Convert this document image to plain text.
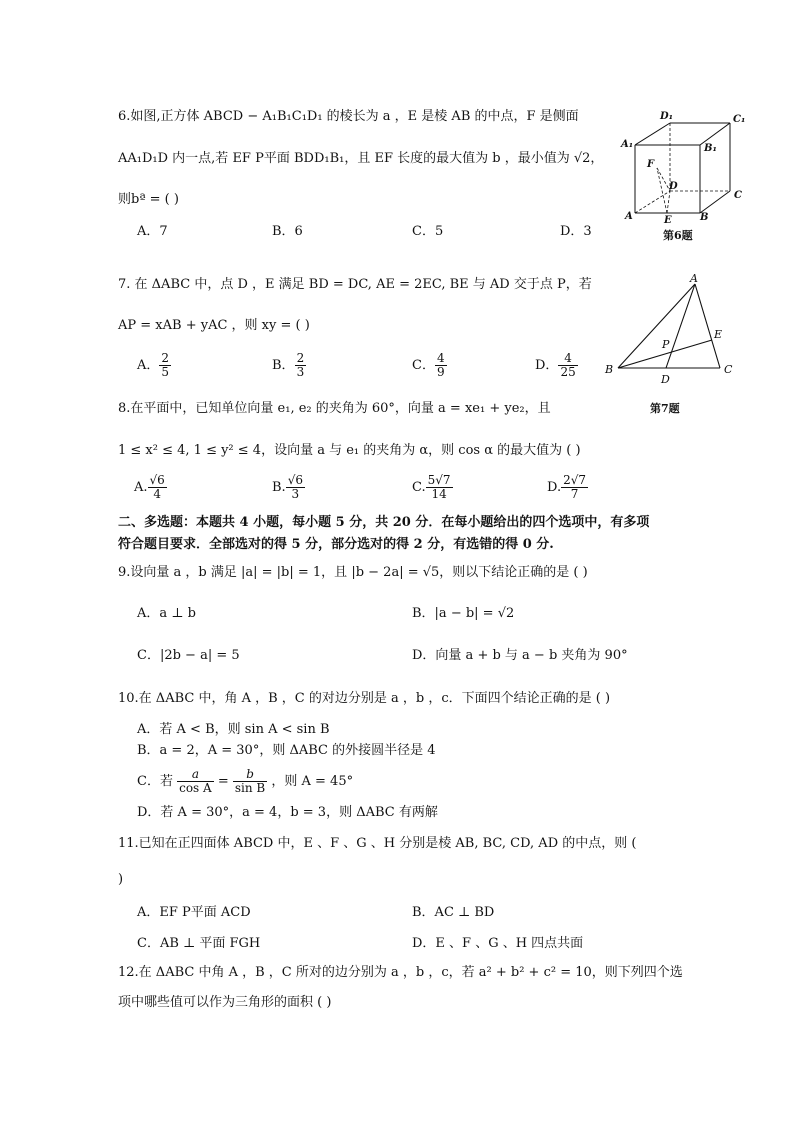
6.如图,正方体 ABCD − A₁B₁C₁D₁ 的棱长为 a ，E 是棱 AB 的中点，F 是侧面
AA₁D₁D 内一点,若 EF P平面 BDD₁B₁，且 EF 长度的最大值为 b ，最小值为 √2，
则bª = ( )
A．7	B．6	C．5	D．3
D₁	C₁
A₁	B₁
F
D
C
A	E	B
第6题
7. 在 ΔABC 中，点 D ，E 满足 BD = DC, AE = 2EC, BE 与 AD 交于点 P，若
AP = xAB + yAC ，则 xy = ( )
A． $\frac{2}{5}$	B． $\frac{2}{3}$	C． $\frac{4}{9}$	D． $\frac{4}{25}$
A
E
P
B
D
C
第7题
8.在平面中，已知单位向量 e₁, e₂ 的夹角为 60°，向量 a = xe₁ + ye₂，且
1 ≤ x² ≤ 4, 1 ≤ y² ≤ 4，设向量 a 与 e₁ 的夹角为 α，则 cos α 的最大值为 ( )
A. $\frac{√6}{4}$	B. $\frac{√6}{3}$	C. $\frac{5√7}{14}$	D. $\frac{2√7}{7}$
二、多选题：本题共 4 小题，每小题 5 分，共 20 分．在每小题给出的四个选项中，有多项
符合题目要求．全部选对的得 5 分，部分选对的得 2 分，有选错的得 0 分.
9.设向量 a ，b 满足 |a| = |b| = 1，且 |b − 2a| = √5，则以下结论正确的是 ( )
A．a ⊥ b	B．|a − b| = √2
C．|2b − a| = 5	D．向量 a + b 与 a − b 夹角为 90°
10.在 ΔABC 中，角 A ，B ，C 的对边分别是 a ，b ，c．下面四个结论正确的是 ( )
A．若 A < B，则 sin A < sin B
B．a = 2，A = 30°，则 ΔABC 的外接圆半径是 4
C．若 $\frac{a}{\text{cos A}} = \frac{b}{\text{sin B}}$ ，则 A = 45°
D．若 A = 30°，a = 4，b = 3，则 ΔABC 有两解
11.已知在正四面体 ABCD 中，E 、F 、G 、H 分别是棱 AB, BC, CD, AD 的中点，则 (
)
A．EF P平面 ACD	B．AC ⊥ BD
C．AB ⊥ 平面 FGH	D．E 、F 、G 、H 四点共面
12.在 ΔABC 中角 A ，B ，C 所对的边分别为 a ，b ，c，若 a² + b² + c² = 10，则下列四个选
项中哪些值可以作为三角形的面积 ( )
